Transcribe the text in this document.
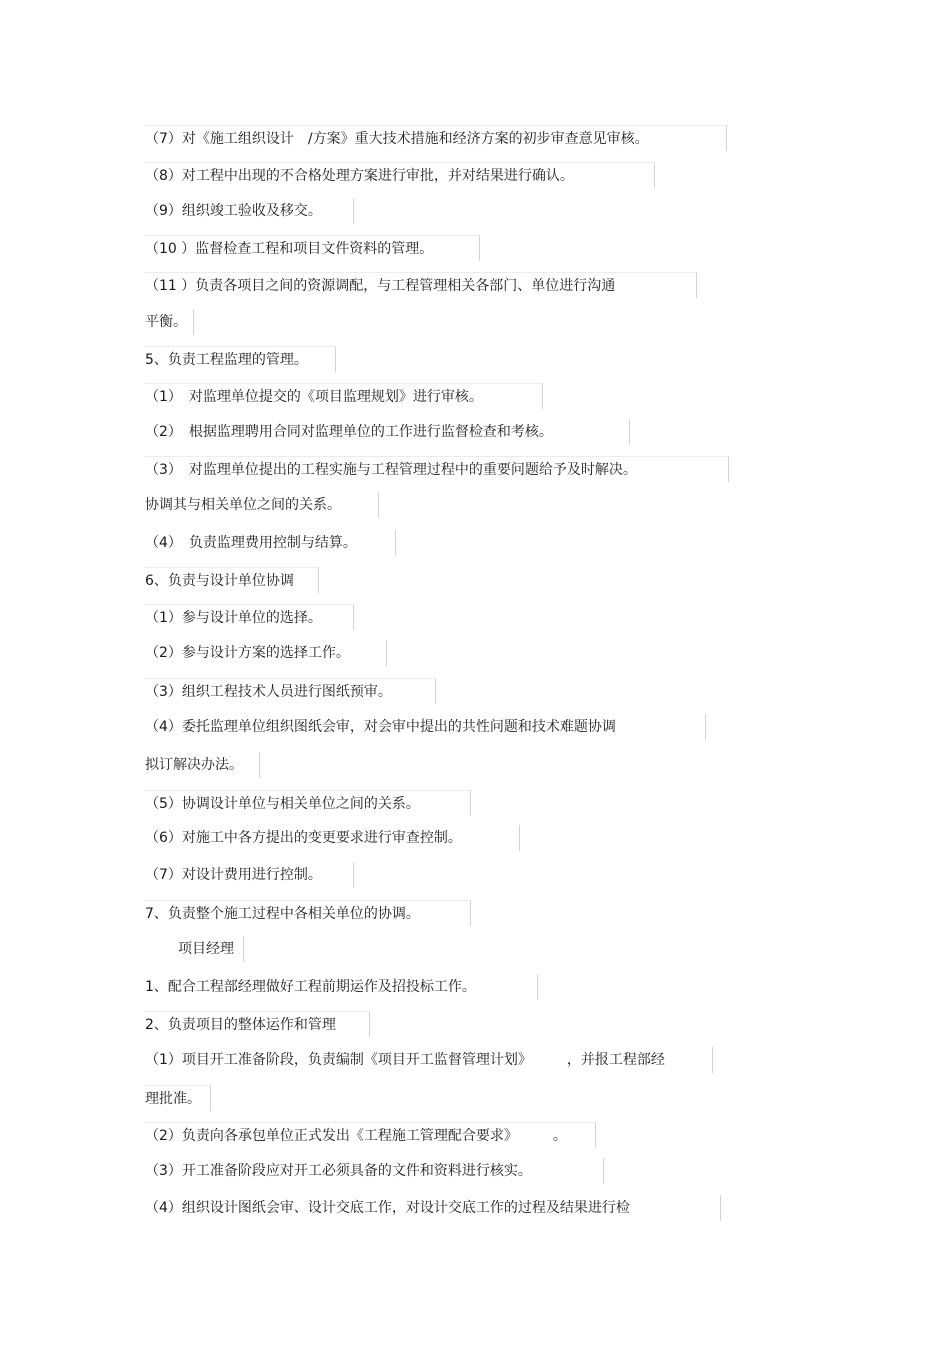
（7）对《施工组织设计　/方案》重大技术措施和经济方案的初步审查意见审核。
（8）对工程中出现的不合格处理方案进行审批，并对结果进行确认。
（9）组织竣工验收及移交。
（10 ）监督检查工程和项目文件资料的管理。
（11 ）负责各项目之间的资源调配，与工程管理相关各部门、单位进行沟通
平衡。
5、负责工程监理的管理。
（1）　对监理单位提交的《项目监理规划》进行审核。
（2）　根据监理聘用合同对监理单位的工作进行监督检查和考核。
（3）　对监理单位提出的工程实施与工程管理过程中的重要问题给予及时解决。
协调其与相关单位之间的关系。
（4）　负责监理费用控制与结算。
6、负责与设计单位协调
（1）参与设计单位的选择。
（2）参与设计方案的选择工作。
（3）组织工程技术人员进行图纸预审。
（4）委托监理单位组织图纸会审，对会审中提出的共性问题和技术难题协调
拟订解决办法。
（5）协调设计单位与相关单位之间的关系。
（6）对施工中各方提出的变更要求进行审查控制。
（7）对设计费用进行控制。
7、负责整个施工过程中各相关单位的协调。
项目经理
1、配合工程部经理做好工程前期运作及招投标工作。
2、负责项目的整体运作和管理
（1）项目开工准备阶段，负责编制《项目开工监督管理计划》　　　，并报工程部经
理批准。
（2）负责向各承包单位正式发出《工程施工管理配合要求》　　　。
（3）开工准备阶段应对开工必须具备的文件和资料进行核实。
（4）组织设计图纸会审、设计交底工作，对设计交底工作的过程及结果进行检
